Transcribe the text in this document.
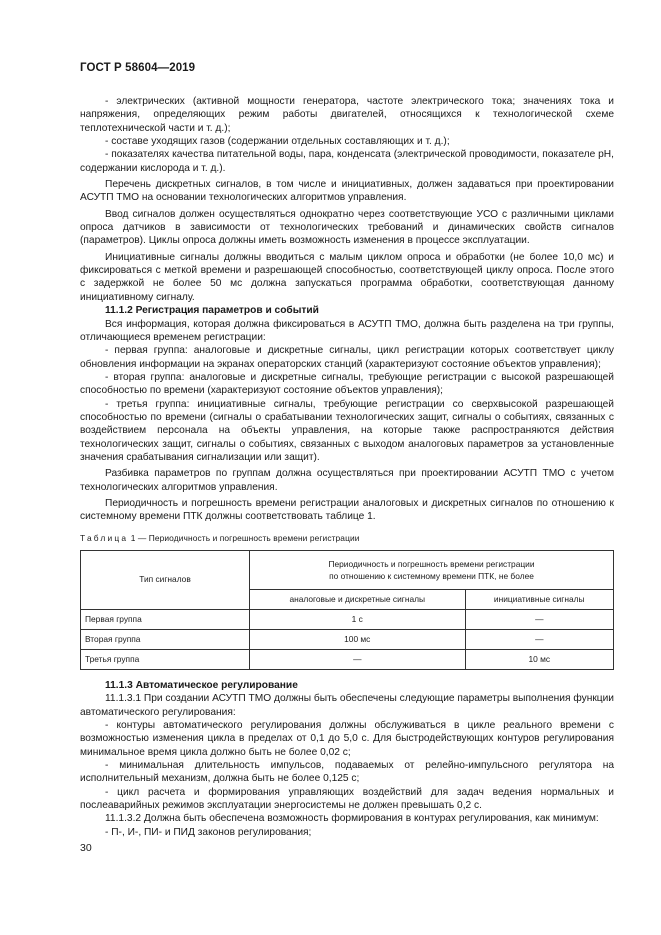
ГОСТ Р 58604—2019

- электрических (активной мощности генератора, частоте электрического тока; значениях тока и напряжения, определяющих режим работы двигателей, относящихся к технологической схеме теплотехнической части и т. д.);

- составе уходящих газов (содержании отдельных составляющих и т. д.);

- показателях качества питательной воды, пара, конденсата (электрической проводимости, показателе pH, содержании кислорода и т. д.).

Перечень дискретных сигналов, в том числе и инициативных, должен задаваться при проектировании АСУТП ТМО на основании технологических алгоритмов управления.

Ввод сигналов должен осуществляться однократно через соответствующие УСО с различными циклами опроса датчиков в зависимости от технологических требований и динамических свойств сигналов (параметров). Циклы опроса должны иметь возможность изменения в процессе эксплуатации.

Инициативные сигналы должны вводиться с малым циклом опроса и обработки (не более 10,0 мс) и фиксироваться с меткой времени и разрешающей способностью, соответствующей циклу опроса. После этого с задержкой не более 50 мс должна запускаться программа обработки, соответствующая данному инициативному сигналу.

11.1.2 Регистрация параметров и событий

Вся информация, которая должна фиксироваться в АСУТП ТМО, должна быть разделена на три группы, отличающиеся временем регистрации:

- первая группа: аналоговые и дискретные сигналы, цикл регистрации которых соответствует циклу обновления информации на экранах операторских станций (характеризуют состояние объектов управления);

- вторая группа: аналоговые и дискретные сигналы, требующие регистрации с высокой разрешающей способностью по времени (характеризуют состояние объектов управления);

- третья группа: инициативные сигналы, требующие регистрации со сверхвысокой разрешающей способностью по времени (сигналы о срабатывании технологических защит, сигналы о событиях, связанных с воздействием персонала на объекты управления, на которые также распространяются действия технологических защит, сигналы о событиях, связанных с выходом аналоговых параметров за установленные значения срабатывания сигнализации или защит).

Разбивка параметров по группам должна осуществляться при проектировании АСУТП ТМО с учетом технологических алгоритмов управления.

Периодичность и погрешность времени регистрации аналоговых и дискретных сигналов по отношению к системному времени ПТК должны соответствовать таблице 1.

Таблица 1 — Периодичность и погрешность времени регистрации
Тип сигналов	Периодичность и погрешность времени регистрации
по отношению к системному времени ПТК, не более	

	аналоговые и дискретные сигналы	инициативные сигналы
Первая группа	1 с	—
Вторая группа	100 мс	—
Третья группа	—	10 мс

11.1.3 Автоматическое регулирование

11.1.3.1 При создании АСУТП ТМО должны быть обеспечены следующие параметры выполнения функции автоматического регулирования:

- контуры автоматического регулирования должны обслуживаться в цикле реального времени с возможностью изменения цикла в пределах от 0,1 до 5,0 с. Для быстродействующих контуров регулирования минимальное время цикла должно быть не более 0,02 с;

- минимальная длительность импульсов, подаваемых от релейно-импульсного регулятора на исполнительный механизм, должна быть не более 0,125 с;

- цикл расчета и формирования управляющих воздействий для задач ведения нормальных и послеаварийных режимов эксплуатации энергосистемы не должен превышать 0,2 с.

11.1.3.2 Должна быть обеспечена возможность формирования в контурах регулирования, как минимум:

- П-, И-, ПИ- и ПИД законов регулирования;

30
